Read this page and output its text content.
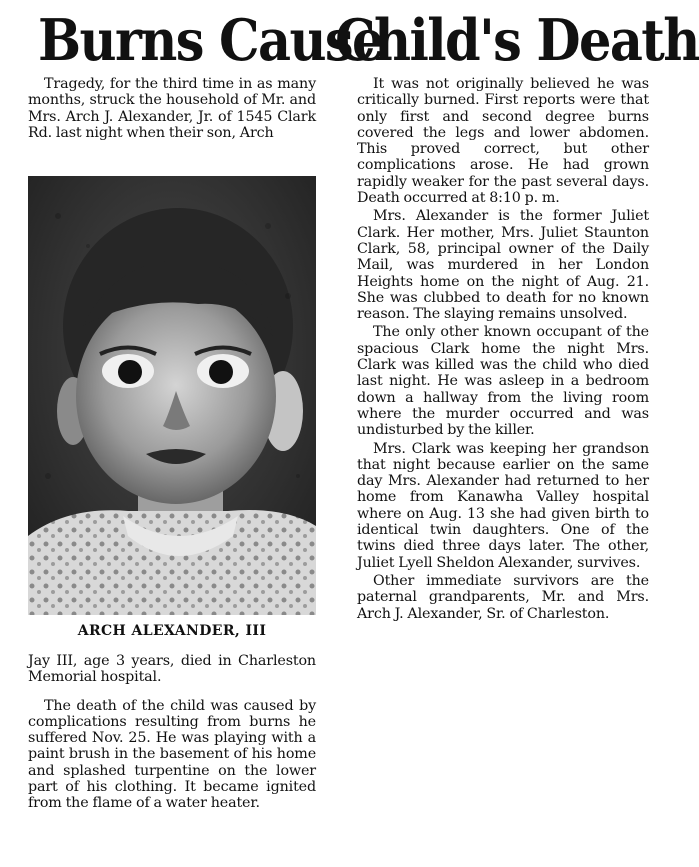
Burns Cause
Child's Death

Tragedy, for the third time in as many months, struck the household of Mr. and Mrs. Arch J. Alexander, Jr. of 1545 Clark Rd. last night when their son, Arch

ARCH ALEXANDER, III

Jay III, age 3 years, died in Charleston Memorial hospital.

The death of the child was caused by complications resulting from burns he suffered Nov. 25. He was playing with a paint brush in the basement of his home and splashed turpentine on the lower part of his clothing. It became ignited from the flame of a water heater.

It was not originally believed he was critically burned. First reports were that only first and second degree burns covered the legs and lower abdomen. This proved correct, but other complications arose. He had grown rapidly weaker for the past several days. Death occurred at 8:10 p. m.

Mrs. Alexander is the former Juliet Clark. Her mother, Mrs. Juliet Staunton Clark, 58, principal owner of the Daily Mail, was murdered in her London Heights home on the night of Aug. 21. She was clubbed to death for no known reason. The slaying remains unsolved.

The only other known occupant of the spacious Clark home the night Mrs. Clark was killed was the child who died last night. He was asleep in a bedroom down a hallway from the living room where the murder occurred and was undisturbed by the killer.

Mrs. Clark was keeping her grandson that night because earlier on the same day Mrs. Alexander had returned to her home from Kanawha Valley hospital where on Aug. 13 she had given birth to identical twin daughters. One of the twins died three days later. The other, Juliet Lyell Sheldon Alexander, survives.

Other immediate survivors are the paternal grandparents, Mr. and Mrs. Arch J. Alexander, Sr. of Charleston.
